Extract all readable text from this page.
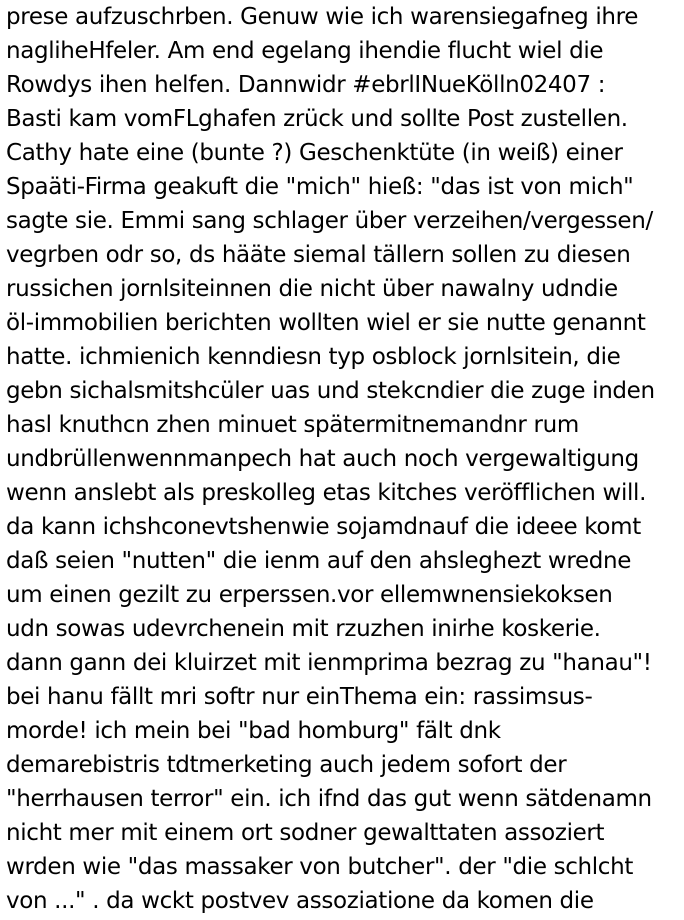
prese aufzuschrben. Genuw wie ich warensiegafneg ihre
nagliheHfeler. Am end egelang ihendie flucht wiel die
Rowdys ihen helfen. Dannwidr #ebrlINueKölln02407 :
Basti kam vomFLghafen zrück und sollte Post zustellen.
Cathy hate eine (bunte ?) Geschenktüte (in weiß) einer
Spaäti-Firma geakuft die "mich" hieß: "das ist von mich"
sagte sie. Emmi sang schlager über verzeihen/vergessen/
vegrben odr so, ds hääte siemal tällern sollen zu diesen
russichen jornlsiteinnen die nicht über nawalny udndie
öl-immobilien berichten wollten wiel er sie nutte genannt
hatte. ichmienich kenndiesn typ osblock jornlsitein, die
gebn sichalsmitshcüler uas und stekcndier die zuge inden
hasl knuthcn zhen minuet spätermitnemandnr rum
undbrüllenwennmanpech hat auch noch vergewaltigung
wenn anslebt als preskolleg etas kitches veröfflichen will.
da kann ichshconevtshenwie sojamdnauf die ideee komt
daß seien "nutten" die ienm auf den ahsleghezt wredne
um einen gezilt zu erperssen.vor ellemwnensiekoksen
udn sowas udevrchenein mit rzuzhen inirhe koskerie.
dann gann dei kluirzet mit ienmprima bezrag zu "hanau"!
bei hanu fällt mri softr nur einThema ein: rassimsus-
morde! ich mein bei "bad homburg" fält dnk
demarebistris tdtmerketing auch jedem sofort der
"herrhausen terror" ein. ich ifnd das gut wenn sätdenamn
nicht mer mit einem ort sodner gewalttaten assoziert
wrden wie "das massaker von butcher". der "die schlcht
von ..." . da wckt postvev assoziatione da komen die
